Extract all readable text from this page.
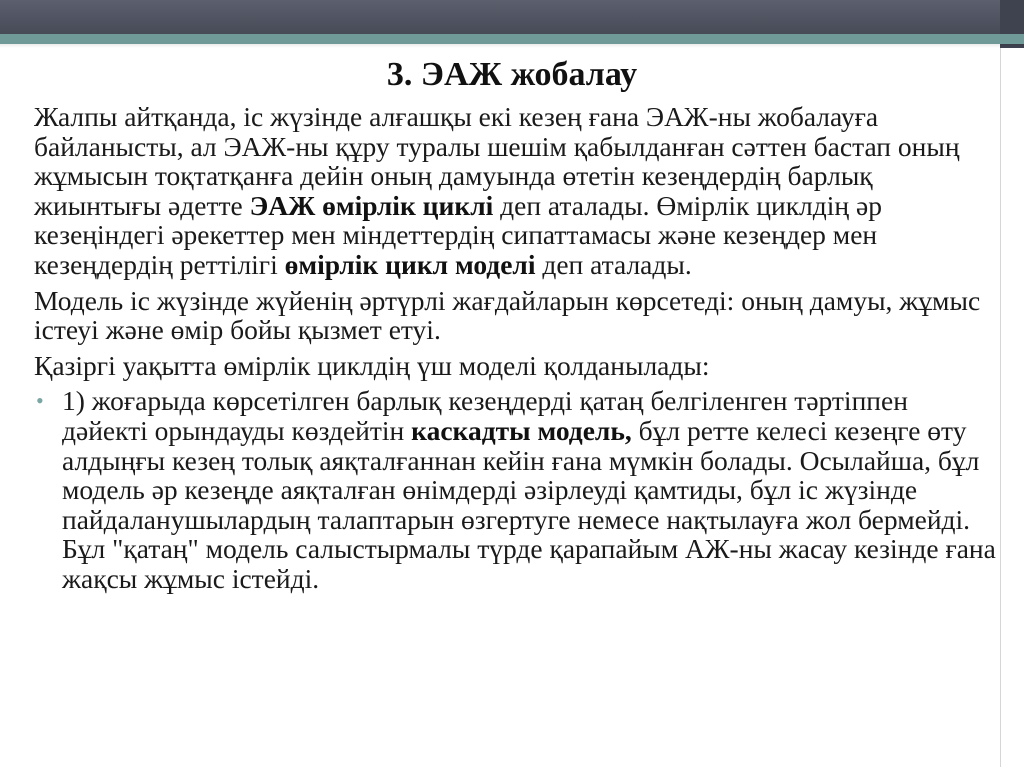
3. ЭАЖ жобалау

Жалпы айтқанда, іс жүзінде алғашқы екі кезең ғана ЭАЖ-ны жобалауға байланысты, ал ЭАЖ-ны құру туралы шешім қабылданған сәттен бастап оның жұмысын тоқтатқанға дейін оның дамуында өтетін кезеңдердің барлық жиынтығы әдетте ЭАЖ өмірлік циклі деп аталады. Өмірлік циклдің әр кезеңіндегі әрекеттер мен міндеттердің сипаттамасы және кезеңдер мен кезеңдердің реттілігі өмірлік цикл моделі деп аталады.

Модель іс жүзінде жүйенің әртүрлі жағдайларын көрсетеді: оның дамуы, жұмыс істеуі және өмір бойы қызмет етуі.

Қазіргі уақытта өмірлік циклдің үш моделі қолданылады:

• 1) жоғарыда көрсетілген барлық кезеңдерді қатаң белгіленген тәртіппен дәйекті орындауды көздейтін каскадты модель, бұл ретте келесі кезеңге өту алдыңғы кезең толық аяқталғаннан кейін ғана мүмкін болады. Осылайша, бұл модель әр кезеңде аяқталған өнімдерді әзірлеуді қамтиды, бұл іс жүзінде пайдаланушылардың талаптарын өзгертуге немесе нақтылауға жол бермейді. Бұл "қатаң" модель салыстырмалы түрде қарапайым АЖ-ны жасау кезінде ғана жақсы жұмыс істейді.
